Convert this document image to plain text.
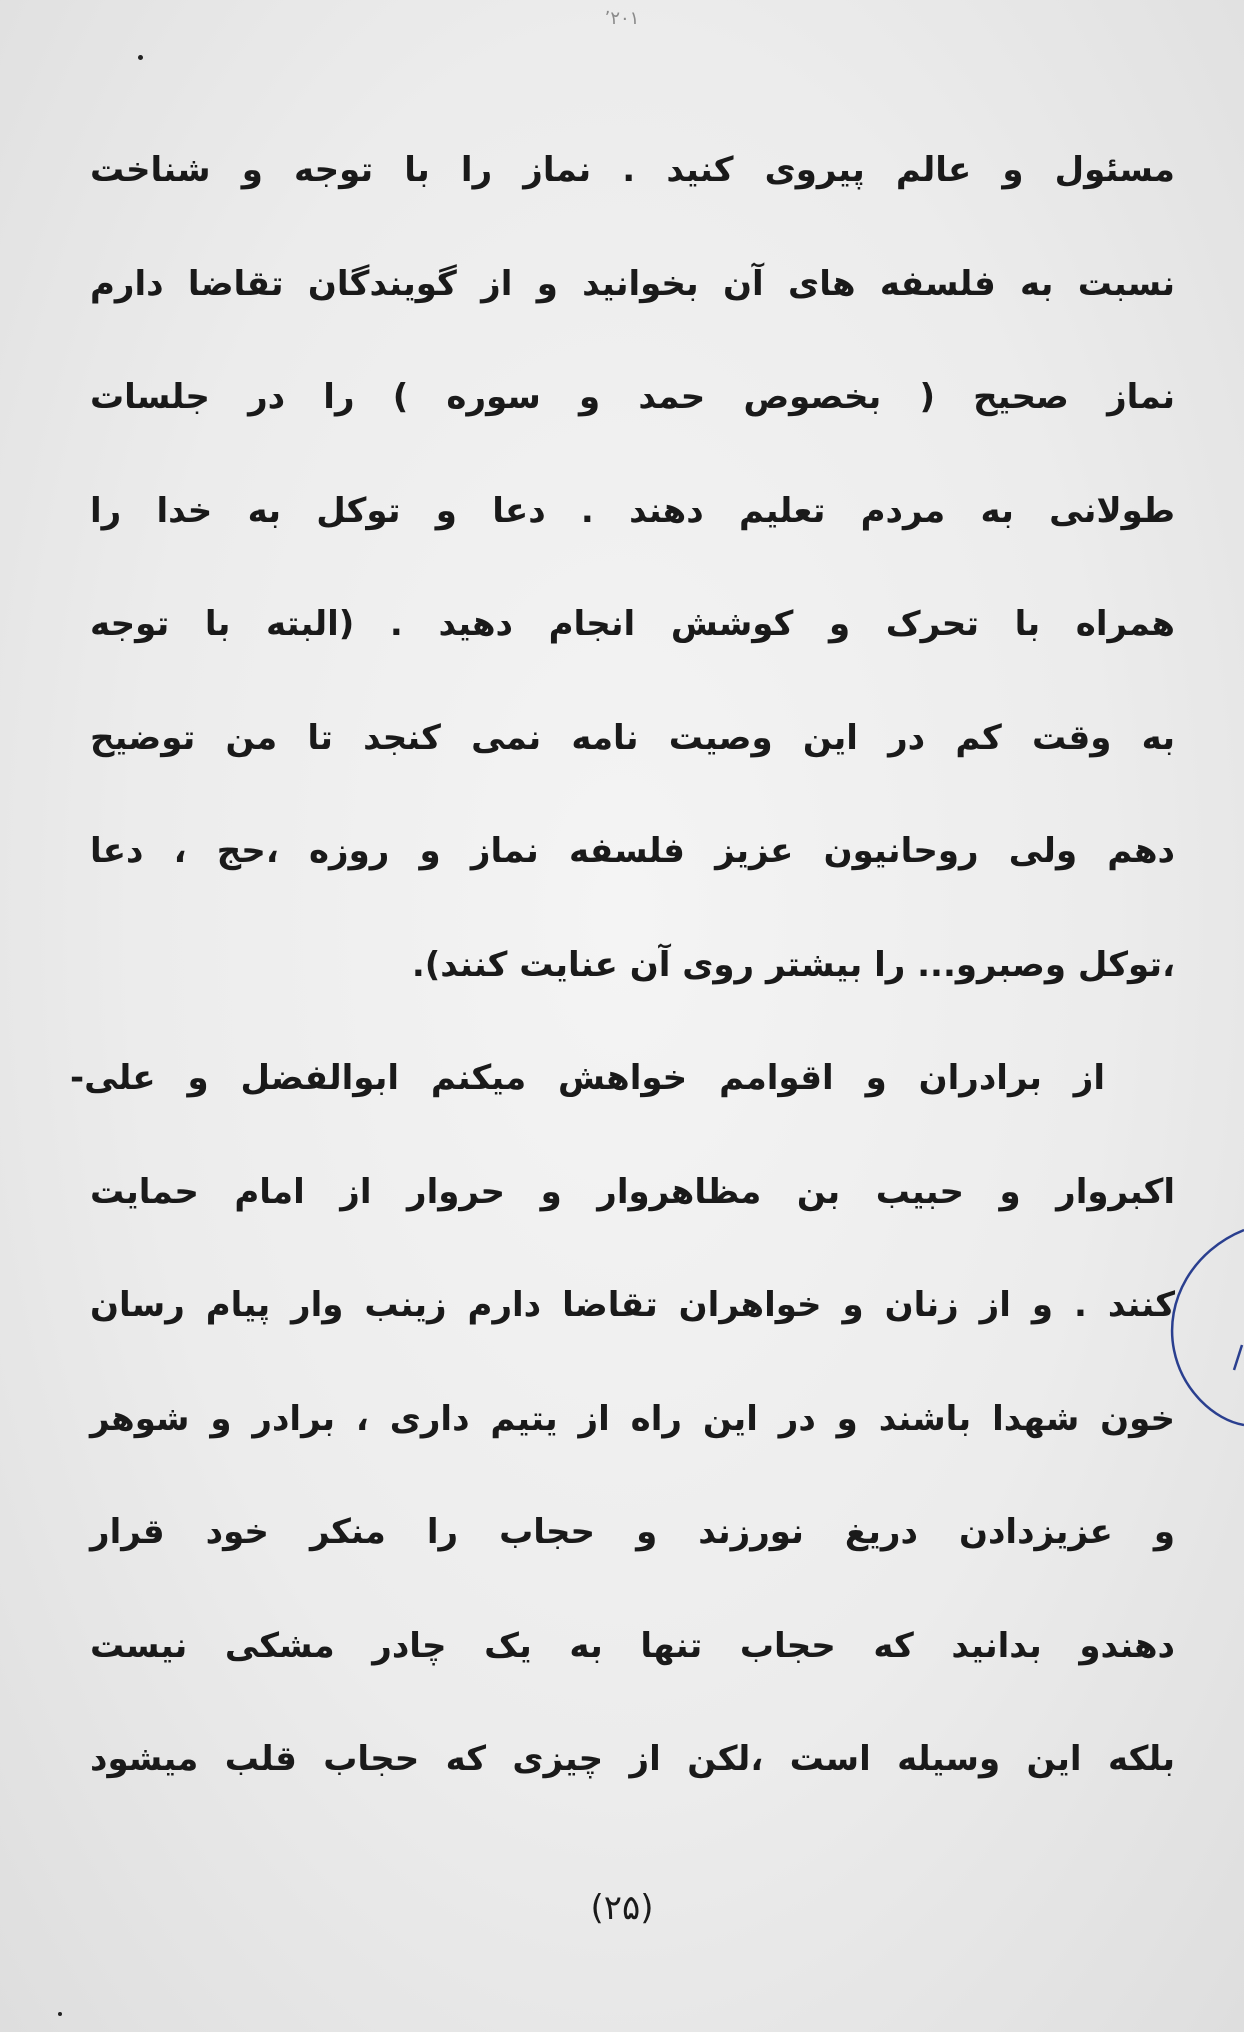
٬٢٠١
مسئول و عالم پیروی کنید . نماز را با توجه و شناخت
نسبت به فلسفه های آن بخوانید و از گویندگان تقاضا دارم
نماز صحیح ( بخصوص حمد و سوره ) را در جلسات
طولانی به مردم تعلیم دهند . دعا و توکل به خدا را
همراه با تحرک و کوشش انجام دهید . (البته با توجه
به وقت کم در این وصیت نامه نمی کنجد تا من توضیح
دهم ولی روحانیون عزیز فلسفه نماز و روزه ،حج ، دعا
،توکل وصبرو... را بیشتر روی آن عنایت کنند).
از برادران و اقوامم خواهش میکنم ابوالفضل و علی-
اکبروار و حبیب بن مظاهروار و حروار از امام حمایت
کنند . و از زنان و خواهران تقاضا دارم زینب وار پیام رسان
خون شهدا باشند و در این راه از یتیم داری ، برادر و شوهر
و عزیزدادن دریغ نورزند و حجاب را منکر خود قرار
دهندو بدانید که حجاب تنها به یک چادر مشکی نیست
بلکه این وسیله است ،لکن از چیزی که حجاب قلب میشود
(۲۵)
